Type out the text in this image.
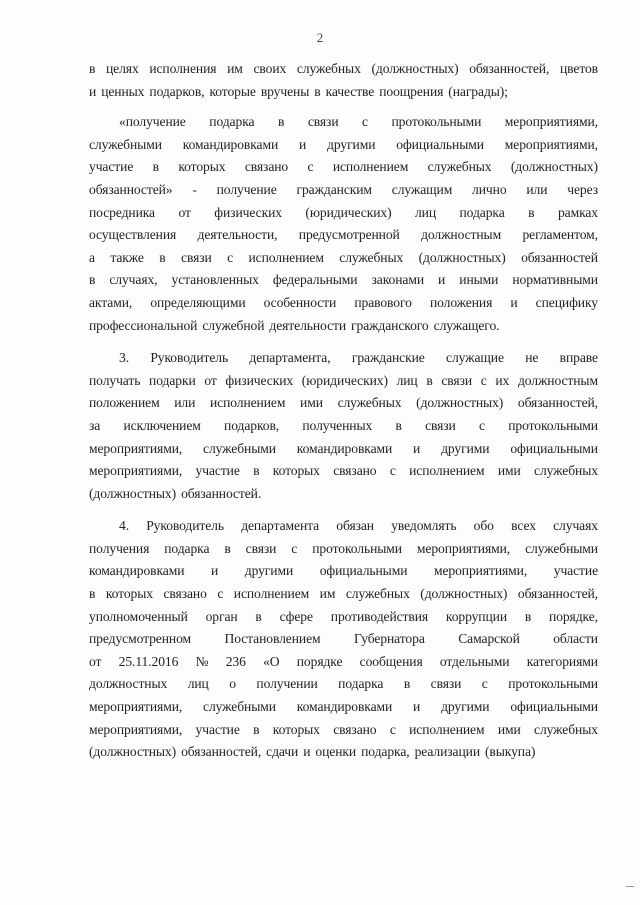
2
в целях исполнения им своих служебных (должностных) обязанностей, цветов
и ценных подарков, которые вручены в качестве поощрения (награды);
«получение подарка в связи с протокольными мероприятиями,
служебными командировками и другими официальными мероприятиями,
участие в которых связано с исполнением служебных (должностных)
обязанностей» - получение гражданским служащим лично или через
посредника от физических (юридических) лиц подарка в рамках
осуществления деятельности, предусмотренной должностным регламентом,
а также в связи с исполнением служебных (должностных) обязанностей
в случаях, установленных федеральными законами и иными нормативными
актами, определяющими особенности правового положения и специфику
профессиональной служебной деятельности гражданского служащего.
3. Руководитель департамента, гражданские служащие не вправе
получать подарки от физических (юридических) лиц в связи с их должностным
положением или исполнением ими служебных (должностных) обязанностей,
за исключением подарков, полученных в связи с протокольными
мероприятиями, служебными командировками и другими официальными
мероприятиями, участие в которых связано с исполнением ими служебных
(должностных) обязанностей.
4. Руководитель департамента обязан уведомлять обо всех случаях
получения подарка в связи с протокольными мероприятиями, служебными
командировками и другими официальными мероприятиями, участие
в которых связано с исполнением им служебных (должностных) обязанностей,
уполномоченный орган в сфере противодействия коррупции в порядке,
предусмотренном Постановлением Губернатора Самарской области
от 25.11.2016 № 236 «О порядке сообщения отдельными категориями
должностных лиц о получении подарка в связи с протокольными
мероприятиями, служебными командировками и другими официальными
мероприятиями, участие в которых связано с исполнением ими служебных
(должностных) обязанностей, сдачи и оценки подарка, реализации (выкупа)
